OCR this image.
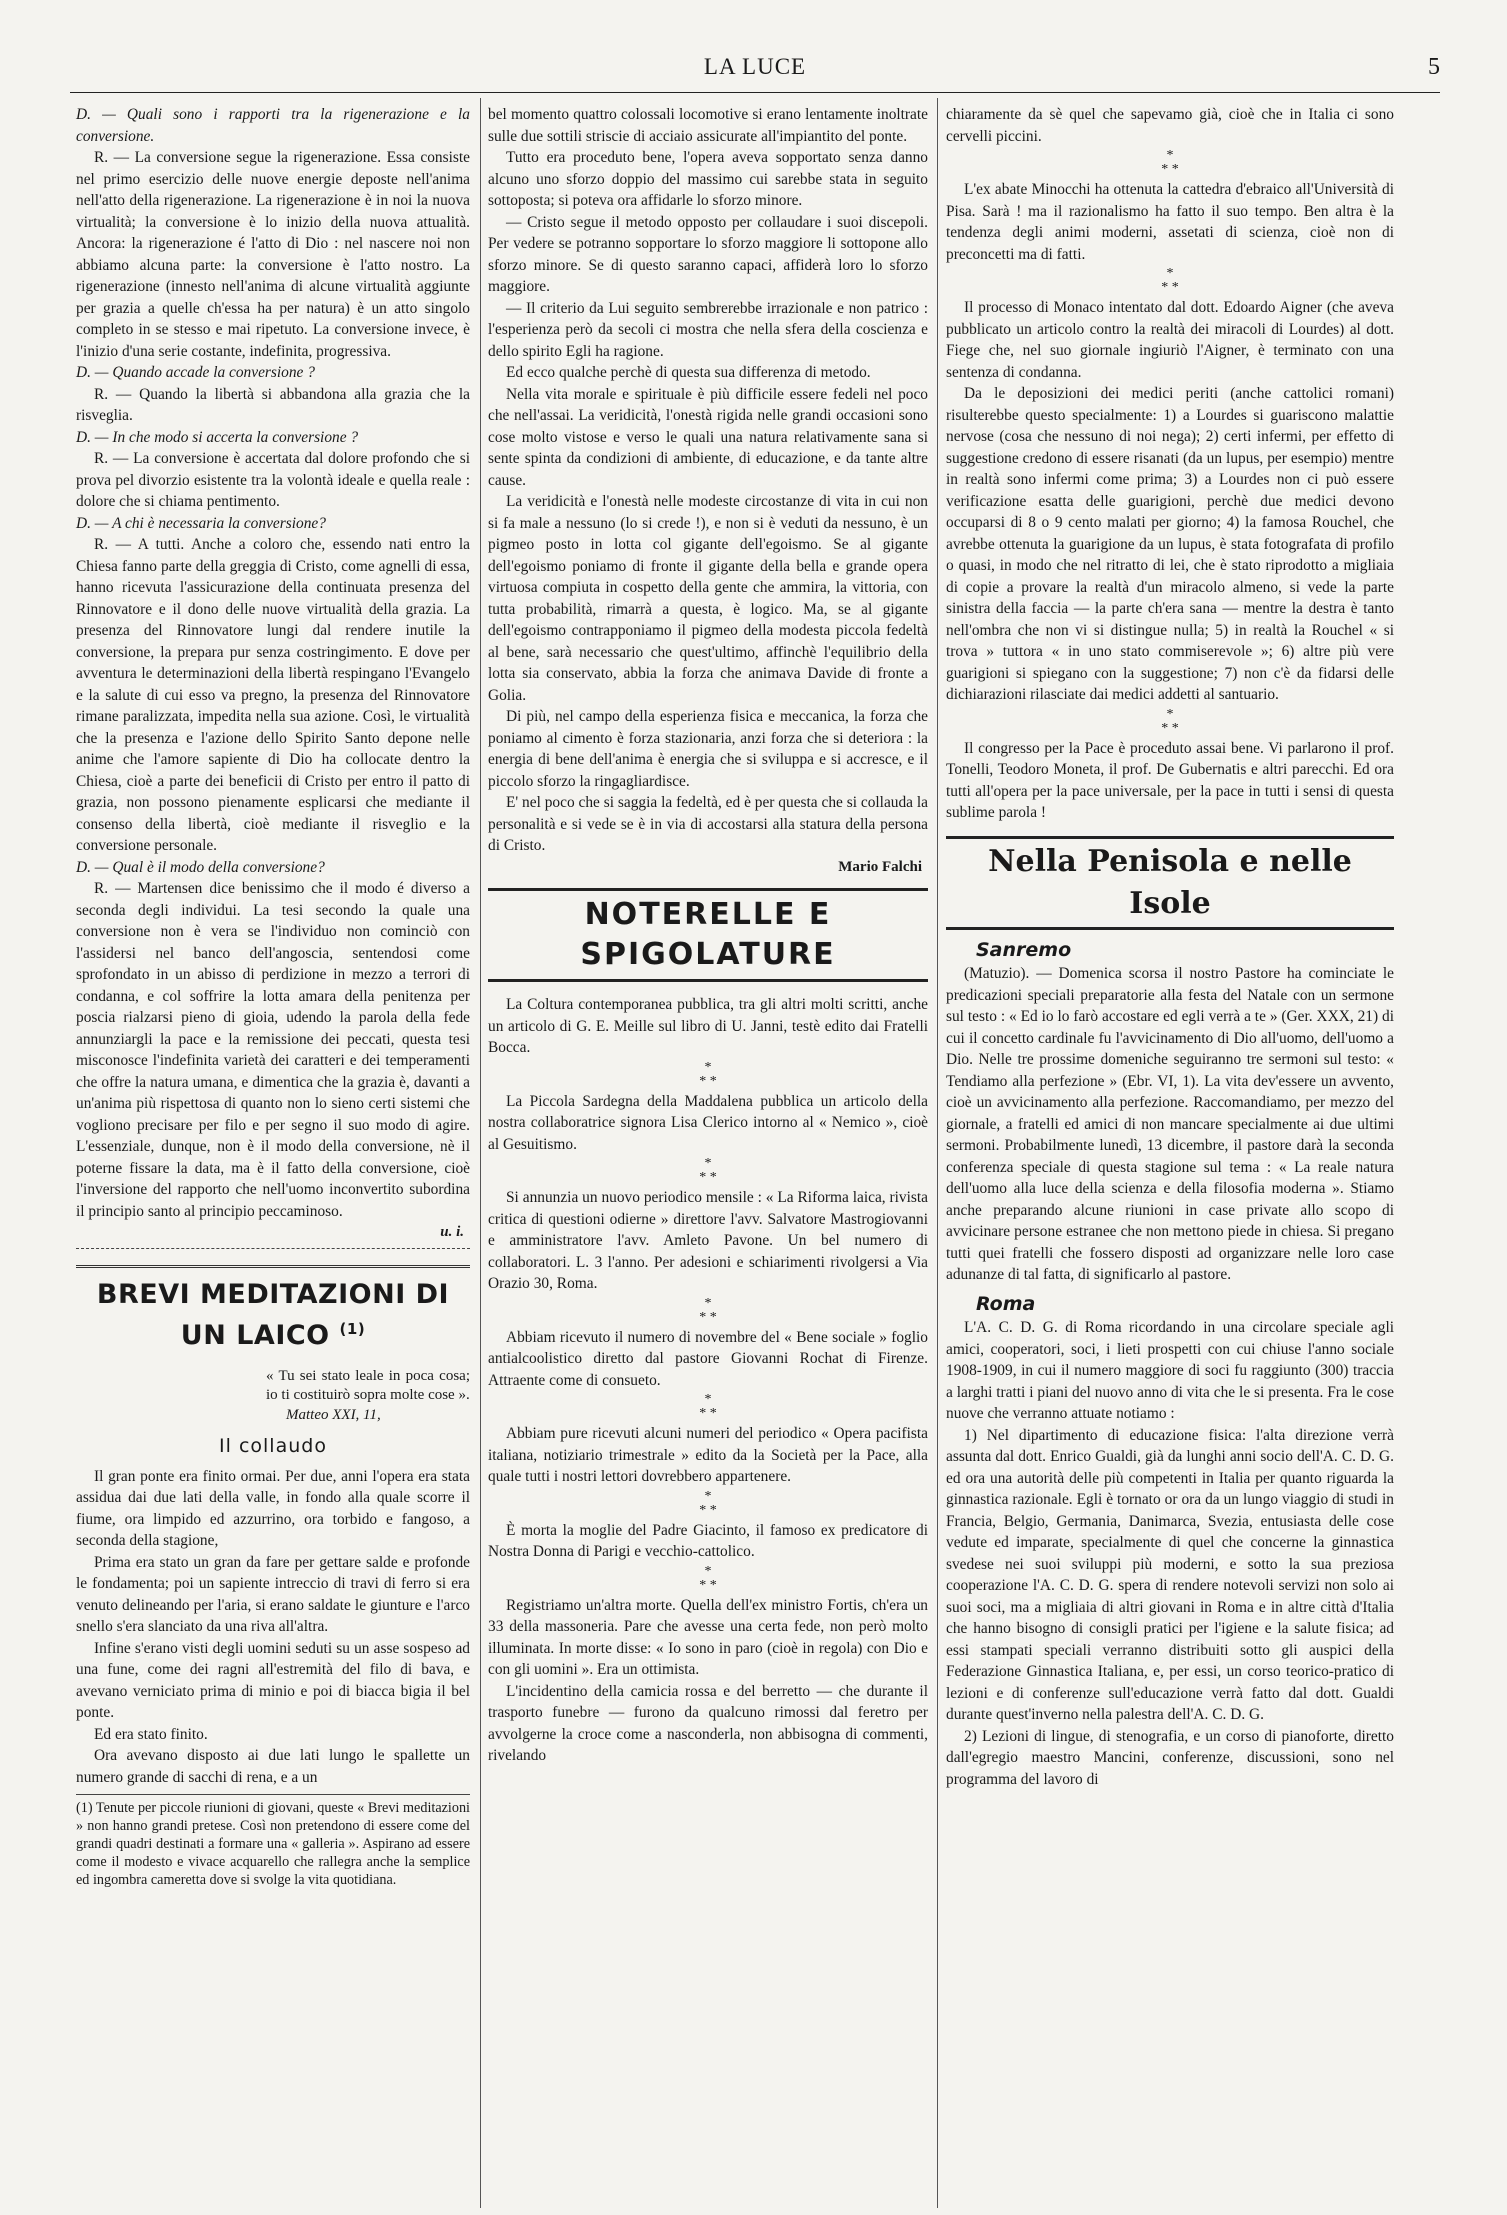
LA LUCE	5

D. — Quali sono i rapporti tra la rigenerazione e la conversione.

R. — La conversione segue la rigenerazione. Essa consiste nel primo esercizio delle nuove energie deposte nell'anima nell'atto della rigenerazione. La rigenerazione è in noi la nuova virtualità; la conversione è lo inizio della nuova attualità. Ancora: la rigenerazione é l'atto di Dio : nel nascere noi non abbiamo alcuna parte: la conversione è l'atto nostro. La rigenerazione (innesto nell'anima di alcune virtualità aggiunte per grazia a quelle ch'essa ha per natura) è un atto singolo completo in se stesso e mai ripetuto. La conversione invece, è l'inizio d'una serie costante, indefinita, progressiva.

D. — Quando accade la conversione ?

R. — Quando la libertà si abbandona alla grazia che la risveglia.

D. — In che modo si accerta la conversione ?

R. — La conversione è accertata dal dolore profondo che si prova pel divorzio esistente tra la volontà ideale e quella reale : dolore che si chiama pentimento.

D. — A chi è necessaria la conversione?

R. — A tutti. Anche a coloro che, essendo nati entro la Chiesa fanno parte della greggia di Cristo, come agnelli di essa, hanno ricevuta l'assicurazione della continuata presenza del Rinnovatore e il dono delle nuove virtualità della grazia. La presenza del Rinnovatore lungi dal rendere inutile la conversione, la prepara pur senza costringimento. E dove per avventura le determinazioni della libertà respingano l'Evangelo e la salute di cui esso va pregno, la presenza del Rinnovatore rimane paralizzata, impedita nella sua azione. Così, le virtualità che la presenza e l'azione dello Spirito Santo depone nelle anime che l'amore sapiente di Dio ha collocate dentro la Chiesa, cioè a parte dei beneficii di Cristo per entro il patto di grazia, non possono pienamente esplicarsi che mediante il consenso della libertà, cioè mediante il risveglio e la conversione personale.

D. — Qual è il modo della conversione?

R. — Martensen dice benissimo che il modo é diverso a seconda degli individui. La tesi secondo la quale una conversione non è vera se l'individuo non cominciò con l'assidersi nel banco dell'angoscia, sentendosi come sprofondato in un abisso di perdizione in mezzo a terrori di condanna, e col soffrire la lotta amara della penitenza per poscia rialzarsi pieno di gioia, udendo la parola della fede annunziargli la pace e la remissione dei peccati, questa tesi misconosce l'indefinita varietà dei caratteri e dei temperamenti che offre la natura umana, e dimentica che la grazia è, davanti a un'anima più rispettosa di quanto non lo sieno certi sistemi che vogliono precisare per filo e per segno il suo modo di agire. L'essenziale, dunque, non è il modo della conversione, nè il poterne fissare la data, ma è il fatto della conversione, cioè l'inversione del rapporto che nell'uomo inconvertito subordina il principio santo al principio peccaminoso.

u. i.

BREVI MEDITAZIONI DI UN LAICO $^{(1)}$

« Tu sei stato leale in poca cosa; io ti costituirò sopra molte cose ».

Matteo XXI, 11,

Il collaudo

Il gran ponte era finito ormai. Per due, anni l'opera era stata assidua dai due lati della valle, in fondo alla quale scorre il fiume, ora limpido ed azzurrino, ora torbido e fangoso, a seconda della stagione,

Prima era stato un gran da fare per gettare salde e profonde le fondamenta; poi un sapiente intreccio di travi di ferro si era venuto delineando per l'aria, si erano saldate le giunture e l'arco snello s'era slanciato da una riva all'altra.

Infine s'erano visti degli uomini seduti su un asse sospeso ad una fune, come dei ragni all'estremità del filo di bava, e avevano verniciato prima di minio e poi di biacca bigia il bel ponte.

Ed era stato finito.

Ora avevano disposto ai due lati lungo le spallette un numero grande di sacchi di rena, e a un

(1) Tenute per piccole riunioni di giovani, queste « Brevi meditazioni » non hanno grandi pretese. Così non pretendono di essere come del grandi quadri destinati a formare una « galleria ». Aspirano ad essere come il modesto e vivace acquarello che rallegra anche la semplice ed ingombra cameretta dove si svolge la vita quotidiana.

bel momento quattro colossali locomotive si erano lentamente inoltrate sulle due sottili striscie di acciaio assicurate all'impiantito del ponte.

Tutto era proceduto bene, l'opera aveva sopportato senza danno alcuno uno sforzo doppio del massimo cui sarebbe stata in seguito sottoposta; si poteva ora affidarle lo sforzo minore.

— Cristo segue il metodo opposto per collaudare i suoi discepoli. Per vedere se potranno sopportare lo sforzo maggiore li sottopone allo sforzo minore. Se di questo saranno capaci, affiderà loro lo sforzo maggiore.

— Il criterio da Lui seguito sembrerebbe irrazionale e non patrico : l'esperienza però da secoli ci mostra che nella sfera della coscienza e dello spirito Egli ha ragione.

Ed ecco qualche perchè di questa sua differenza di metodo.

Nella vita morale e spirituale è più difficile essere fedeli nel poco che nell'assai. La veridicità, l'onestà rigida nelle grandi occasioni sono cose molto vistose e verso le quali una natura relativamente sana si sente spinta da condizioni di ambiente, di educazione, e da tante altre cause.

La veridicità e l'onestà nelle modeste circostanze di vita in cui non si fa male a nessuno (lo si crede !), e non si è veduti da nessuno, è un pigmeo posto in lotta col gigante dell'egoismo. Se al gigante dell'egoismo poniamo di fronte il gigante della bella e grande opera virtuosa compiuta in cospetto della gente che ammira, la vittoria, con tutta probabilità, rimarrà a questa, è logico. Ma, se al gigante dell'egoismo contrapponiamo il pigmeo della modesta piccola fedeltà al bene, sarà necessario che quest'ultimo, affinchè l'equilibrio della lotta sia conservato, abbia la forza che animava Davide di fronte a Golia.

Di più, nel campo della esperienza fisica e meccanica, la forza che poniamo al cimento è forza stazionaria, anzi forza che si deteriora : la energia di bene dell'anima è energia che si sviluppa e si accresce, e il piccolo sforzo la ringagliardisce.

E' nel poco che si saggia la fedeltà, ed è per questa che si collauda la personalità e si vede se è in via di accostarsi alla statura della persona di Cristo.

Mario Falchi

NOTERELLE E SPIGOLATURE

La Coltura contemporanea pubblica, tra gli altri molti scritti, anche un articolo di G. E. Meille sul libro di U. Janni, testè edito dai Fratelli Bocca.

*
* *

La Piccola Sardegna della Maddalena pubblica un articolo della nostra collaboratrice signora Lisa Clerico intorno al « Nemico », cioè al Gesuitismo.

*
* *

Si annunzia un nuovo periodico mensile : « La Riforma laica, rivista critica di questioni odierne » direttore l'avv. Salvatore Mastrogiovanni e amministratore l'avv. Amleto Pavone. Un bel numero di collaboratori. L. 3 l'anno. Per adesioni e schiarimenti rivolgersi a Via Orazio 30, Roma.

*
* *

Abbiam ricevuto il numero di novembre del « Bene sociale » foglio antialcoolistico diretto dal pastore Giovanni Rochat di Firenze. Attraente come di consueto.

*
* *

Abbiam pure ricevuti alcuni numeri del periodico « Opera pacifista italiana, notiziario trimestrale » edito da la Società per la Pace, alla quale tutti i nostri lettori dovrebbero appartenere.

*
* *

È morta la moglie del Padre Giacinto, il famoso ex predicatore di Nostra Donna di Parigi e vecchio-cattolico.

*
* *

Registriamo un'altra morte. Quella dell'ex ministro Fortis, ch'era un 33 della massoneria. Pare che avesse una certa fede, non però molto illuminata. In morte disse: « Io sono in paro (cioè in regola) con Dio e con gli uomini ». Era un ottimista.

L'incidentino della camicia rossa e del berretto — che durante il trasporto funebre — furono da qualcuno rimossi dal feretro per avvolgerne la croce come a nasconderla, non abbisogna di commenti, rivelando

chiaramente da sè quel che sapevamo già, cioè che in Italia ci sono cervelli piccini.

*
* *

L'ex abate Minocchi ha ottenuta la cattedra d'ebraico all'Università di Pisa. Sarà ! ma il razionalismo ha fatto il suo tempo. Ben altra è la tendenza degli animi moderni, assetati di scienza, cioè non di preconcetti ma di fatti.

*
* *

Il processo di Monaco intentato dal dott. Edoardo Aigner (che aveva pubblicato un articolo contro la realtà dei miracoli di Lourdes) al dott. Fiege che, nel suo giornale ingiuriò l'Aigner, è terminato con una sentenza di condanna.

Da le deposizioni dei medici periti (anche cattolici romani) risulterebbe questo specialmente: 1) a Lourdes si guariscono malattie nervose (cosa che nessuno di noi nega); 2) certi infermi, per effetto di suggestione credono di essere risanati (da un lupus, per esempio) mentre in realtà sono infermi come prima; 3) a Lourdes non ci può essere verificazione esatta delle guarigioni, perchè due medici devono occuparsi di 8 o 9 cento malati per giorno; 4) la famosa Rouchel, che avrebbe ottenuta la guarigione da un lupus, è stata fotografata di profilo o quasi, in modo che nel ritratto di lei, che è stato riprodotto a migliaia di copie a provare la realtà d'un miracolo almeno, si vede la parte sinistra della faccia — la parte ch'era sana — mentre la destra è tanto nell'ombra che non vi si distingue nulla; 5) in realtà la Rouchel « si trova » tuttora « in uno stato commiserevole »; 6) altre più vere guarigioni si spiegano con la suggestione; 7) non c'è da fidarsi delle dichiarazioni rilasciate dai medici addetti al santuario.

*
* *

Il congresso per la Pace è proceduto assai bene. Vi parlarono il prof. Tonelli, Teodoro Moneta, il prof. De Gubernatis e altri parecchi. Ed ora tutti all'opera per la pace universale, per la pace in tutti i sensi di questa sublime parola !

Nella Penisola e nelle Isole

Sanremo

(Matuzio). — Domenica scorsa il nostro Pastore ha cominciate le predicazioni speciali preparatorie alla festa del Natale con un sermone sul testo : « Ed io lo farò accostare ed egli verrà a te » (Ger. XXX, 21) di cui il concetto cardinale fu l'avvicinamento di Dio all'uomo, dell'uomo a Dio. Nelle tre prossime domeniche seguiranno tre sermoni sul testo: « Tendiamo alla perfezione » (Ebr. VI, 1). La vita dev'essere un avvento, cioè un avvicinamento alla perfezione. Raccomandiamo, per mezzo del giornale, a fratelli ed amici di non mancare specialmente ai due ultimi sermoni. Probabilmente lunedì, 13 dicembre, il pastore darà la seconda conferenza speciale di questa stagione sul tema : « La reale natura dell'uomo alla luce della scienza e della filosofia moderna ». Stiamo anche preparando alcune riunioni in case private allo scopo di avvicinare persone estranee che non mettono piede in chiesa. Si pregano tutti quei fratelli che fossero disposti ad organizzare nelle loro case adunanze di tal fatta, di significarlo al pastore.

Roma

L'A. C. D. G. di Roma ricordando in una circolare speciale agli amici, cooperatori, soci, i lieti prospetti con cui chiuse l'anno sociale 1908-1909, in cui il numero maggiore di soci fu raggiunto (300) traccia a larghi tratti i piani del nuovo anno di vita che le si presenta. Fra le cose nuove che verranno attuate notiamo :

1) Nel dipartimento di educazione fisica: l'alta direzione verrà assunta dal dott. Enrico Gualdi, già da lunghi anni socio dell'A. C. D. G. ed ora una autorità delle più competenti in Italia per quanto riguarda la ginnastica razionale. Egli è tornato or ora da un lungo viaggio di studi in Francia, Belgio, Germania, Danimarca, Svezia, entusiasta delle cose vedute ed imparate, specialmente di quel che concerne la ginnastica svedese nei suoi sviluppi più moderni, e sotto la sua preziosa cooperazione l'A. C. D. G. spera di rendere notevoli servizi non solo ai suoi soci, ma a migliaia di altri giovani in Roma e in altre città d'Italia che hanno bisogno di consigli pratici per l'igiene e la salute fisica; ad essi stampati speciali verranno distribuiti sotto gli auspici della Federazione Ginnastica Italiana, e, per essi, un corso teorico-pratico di lezioni e di conferenze sull'educazione verrà fatto dal dott. Gualdi durante quest'inverno nella palestra dell'A. C. D. G.

2) Lezioni di lingue, di stenografia, e un corso di pianoforte, diretto dall'egregio maestro Mancini, conferenze, discussioni, sono nel programma del lavoro di
